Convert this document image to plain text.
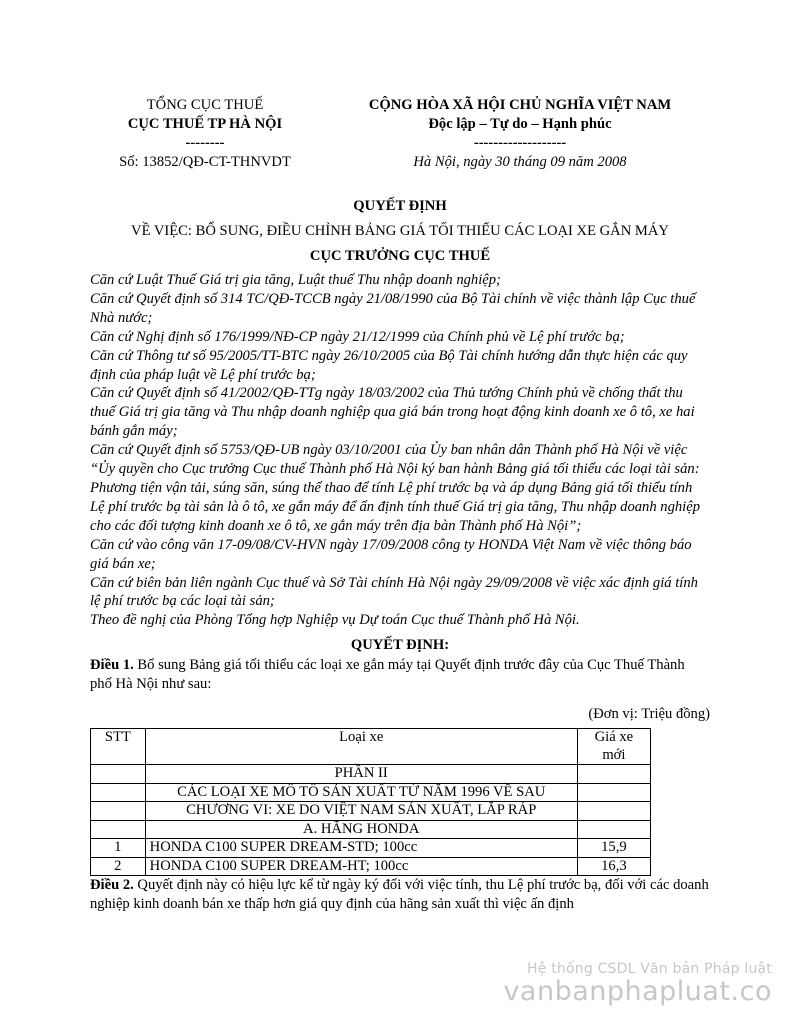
TỔNG CỤC THUẾ
CỤC THUẾ TP HÀ NỘI
--------
Số: 13852/QĐ-CT-THNVDT
CỘNG HÒA XÃ HỘI CHỦ NGHĨA VIỆT NAM
Độc lập – Tự do – Hạnh phúc
-------------------
Hà Nội, ngày 30 tháng 09 năm 2008
QUYẾT ĐỊNH
VỀ VIỆC: BỔ SUNG, ĐIỀU CHỈNH BẢNG GIÁ TỐI THIỂU CÁC LOẠI XE GẮN MÁY
CỤC TRƯỞNG CỤC THUẾ

Căn cứ Luật Thuế Giá trị gia tăng, Luật thuế Thu nhập doanh nghiệp;

Căn cứ Quyết định số 314 TC/QĐ-TCCB ngày 21/08/1990 của Bộ Tài chính về việc thành lập Cục thuế Nhà nước;

Căn cứ Nghị định số 176/1999/NĐ-CP ngày 21/12/1999 của Chính phủ về Lệ phí trước bạ;

Căn cứ Thông tư số 95/2005/TT-BTC ngày 26/10/2005 của Bộ Tài chính hướng dẫn thực hiện các quy định của pháp luật về Lệ phí trước bạ;

Căn cứ Quyết định số 41/2002/QĐ-TTg ngày 18/03/2002 của Thủ tướng Chính phủ về chống thất thu thuế Giá trị gia tăng và Thu nhập doanh nghiệp qua giá bán trong hoạt động kinh doanh xe ô tô, xe hai bánh gắn máy;

Căn cứ Quyết định số 5753/QĐ-UB ngày 03/10/2001 của Ủy ban nhân dân Thành phố Hà Nội về việc “Ủy quyền cho Cục trưởng Cục thuế Thành phố Hà Nội ký ban hành Bảng giá tối thiểu các loại tài sản: Phương tiện vận tải, súng săn, súng thể thao để tính Lệ phí trước bạ và áp dụng Bảng giá tối thiểu tính Lệ phí trước bạ tài sản là ô tô, xe gắn máy để ấn định tính thuế Giá trị gia tăng, Thu nhập doanh nghiệp cho các đối tượng kinh doanh xe ô tô, xe gắn máy trên địa bàn Thành phố Hà Nội”;

Căn cứ vào công văn 17-09/08/CV-HVN ngày 17/09/2008 công ty HONDA Việt Nam về việc thông báo giá bán xe;

Căn cứ biên bản liên ngành Cục thuế và Sở Tài chính Hà Nội ngày 29/09/2008 về việc xác định giá tính lệ phí trước bạ các loại tài sản;

Theo đề nghị của Phòng Tổng hợp Nghiệp vụ Dự toán Cục thuế Thành phố Hà Nội.

QUYẾT ĐỊNH:

Điều 1. Bổ sung Bảng giá tối thiểu các loại xe gắn máy tại Quyết định trước đây của Cục Thuế Thành phố Hà Nội như sau:

(Đơn vị: Triệu đồng)
STT	Loại xe	Giá xe mới
	PHẦN II	
	CÁC LOẠI XE MÔ TÔ SẢN XUẤT TỪ NĂM 1996 VỀ SAU	
	CHƯƠNG VI: XE DO VIỆT NAM SẢN XUẤT, LẮP RÁP	
	A. HÃNG HONDA	
1	HONDA C100 SUPER DREAM-STD; 100cc	15,9
2	HONDA C100 SUPER DREAM-HT; 100cc	16,3

Điều 2. Quyết định này có hiệu lực kể từ ngày ký đối với việc tính, thu Lệ phí trước bạ, đối với các doanh nghiệp kinh doanh bán xe thấp hơn giá quy định của hãng sản xuất thì việc ấn định

Hệ thống CSDL Văn bản Pháp luật
vanbanphapluat.co
